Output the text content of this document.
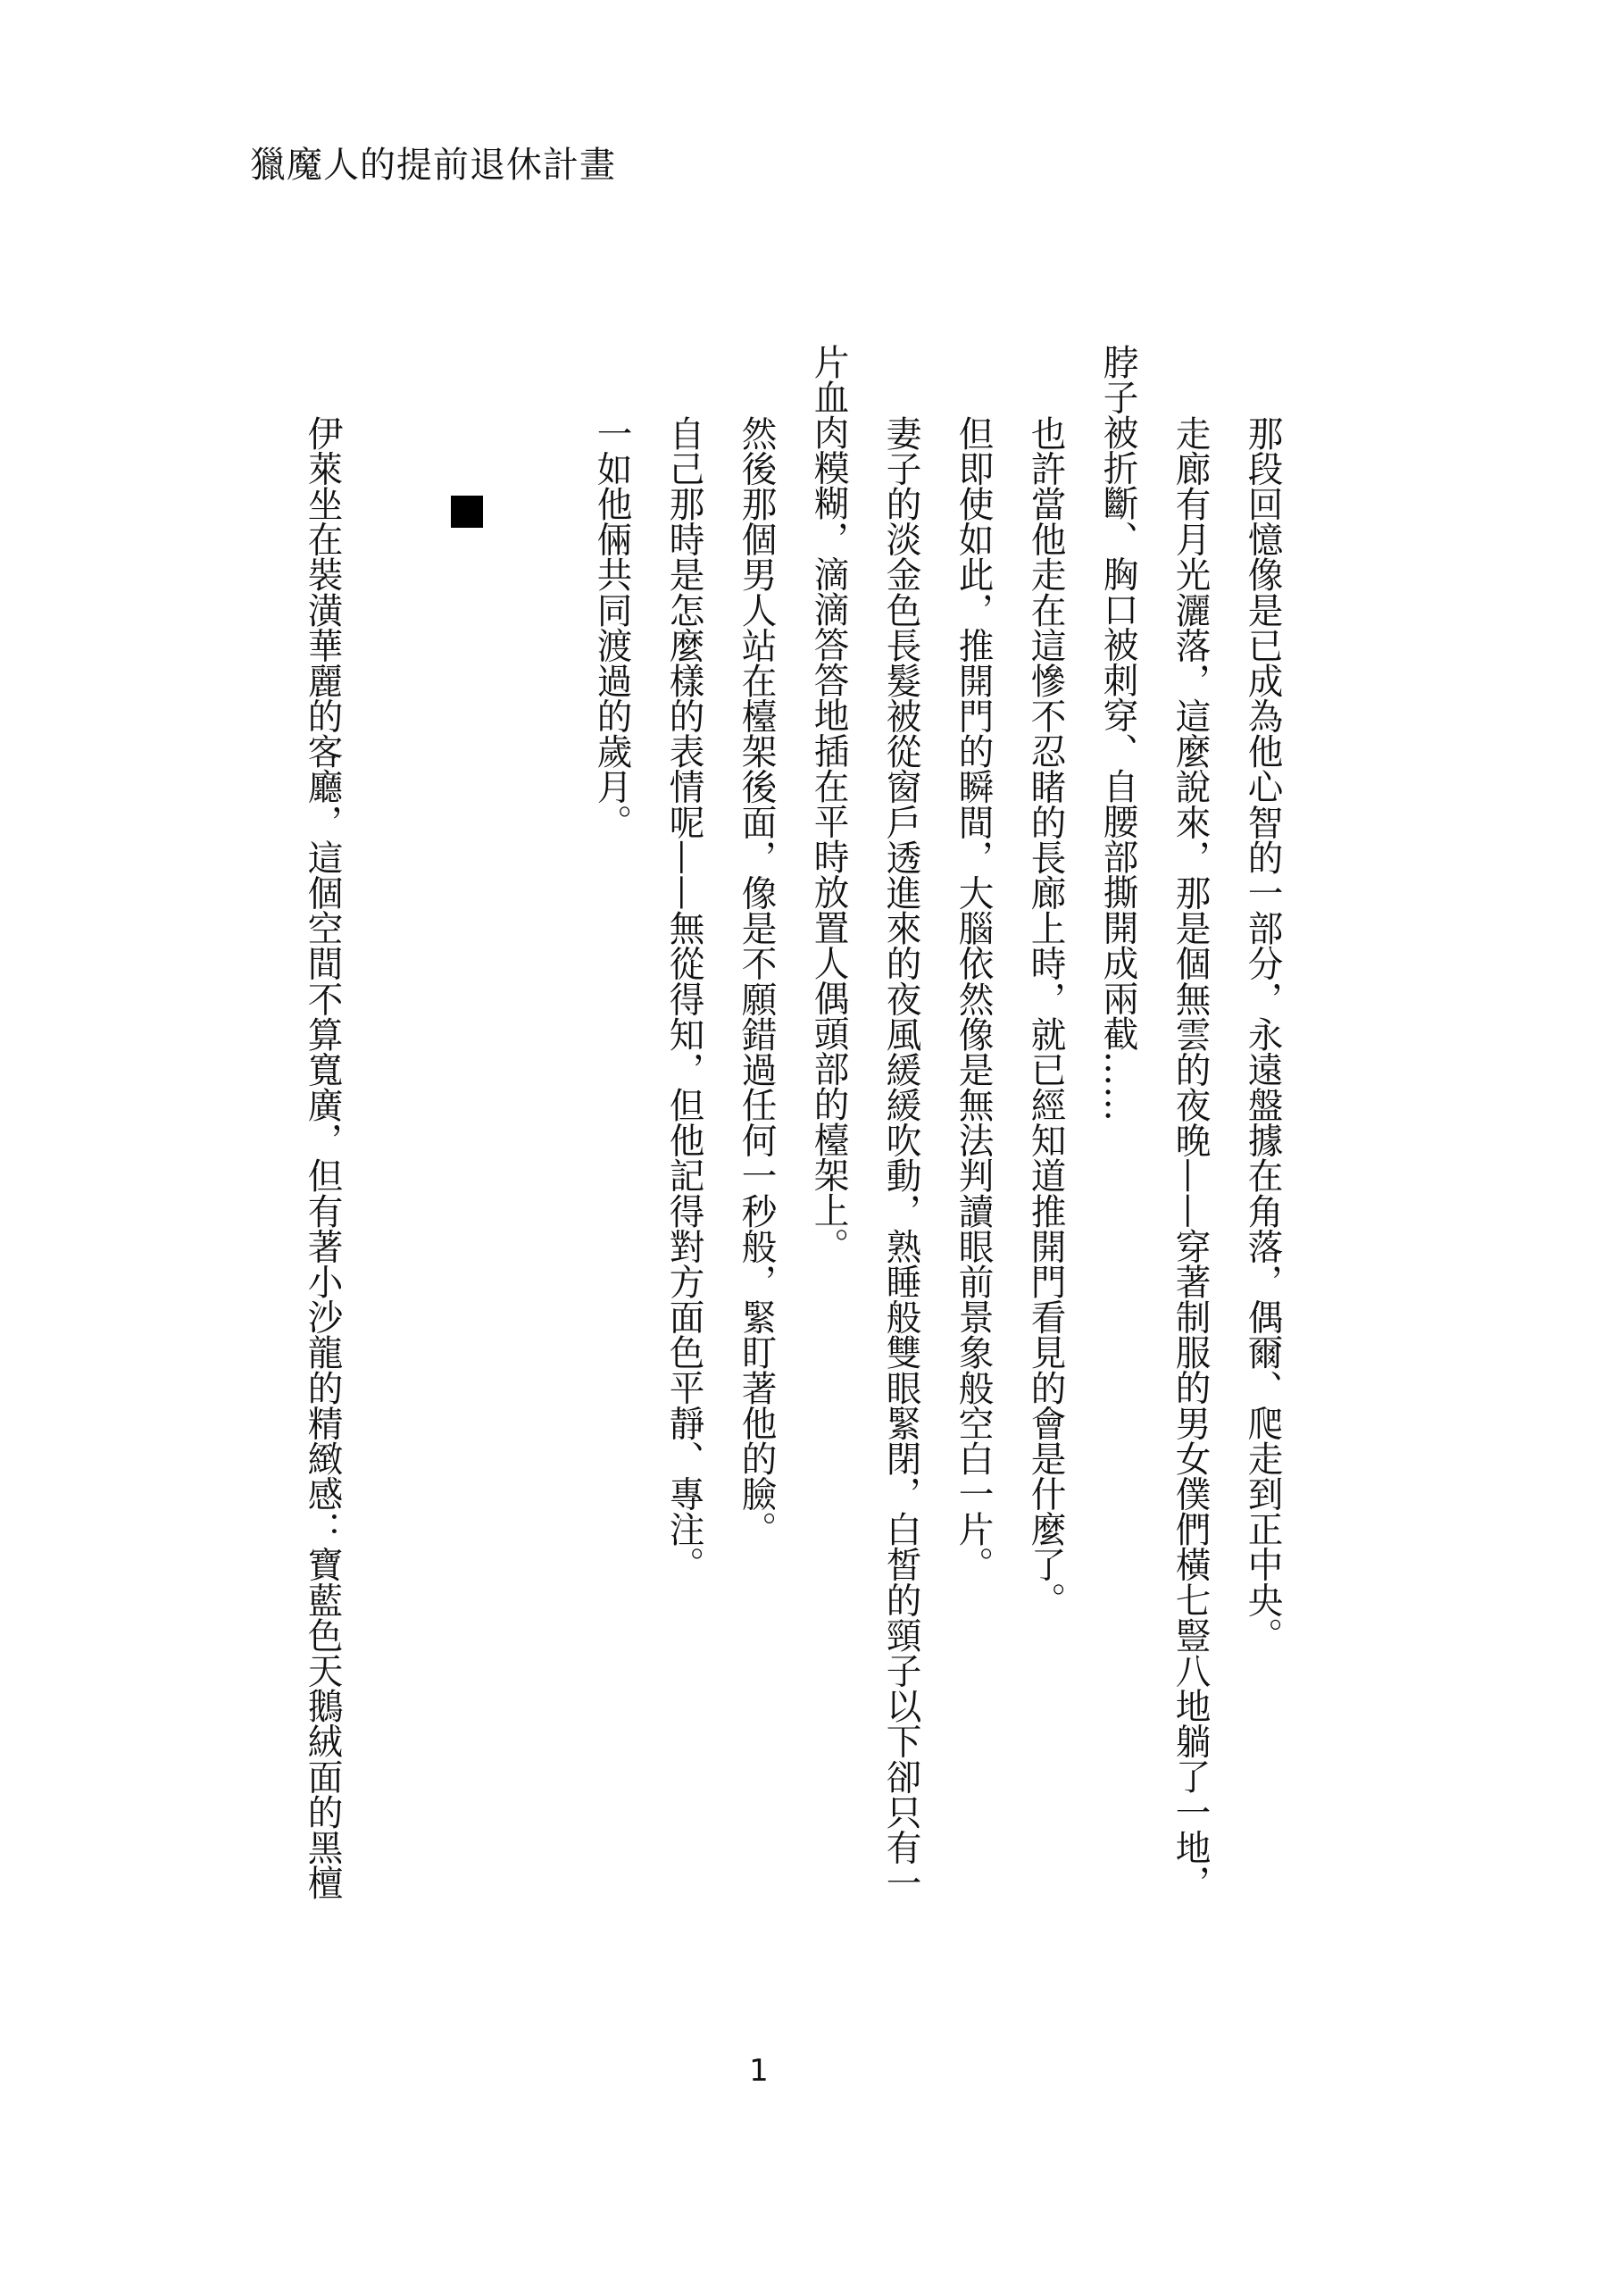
獵魔人的提前退休計畫

那段回憶像是已成為他心智的一部分，永遠盤據在角落，偶爾、爬走到正中央。

走廊有月光灑落，這麼說來，那是個無雲的夜晚——穿著制服的男女僕們橫七豎八地躺了一地，

脖子被折斷、胸口被刺穿、自腰部撕開成兩截……

也許當他走在這慘不忍睹的長廊上時，就已經知道推開門看見的會是什麼了。

但即使如此，推開門的瞬間，大腦依然像是無法判讀眼前景象般空白一片。

妻子的淡金色長髮被從窗戶透進來的夜風緩緩吹動，熟睡般雙眼緊閉，白皙的頸子以下卻只有一

片血肉糢糊，滴滴答答地插在平時放置人偶頭部的檯架上。

然後那個男人站在檯架後面，像是不願錯過任何一秒般，緊盯著他的臉。

自己那時是怎麼樣的表情呢——無從得知，但他記得對方面色平靜、專注。

一如他倆共同渡過的歲月。

伊萊坐在裝潢華麗的客廳，這個空間不算寬廣，但有著小沙龍的精緻感：寶藍色天鵝絨面的黑檀

1
